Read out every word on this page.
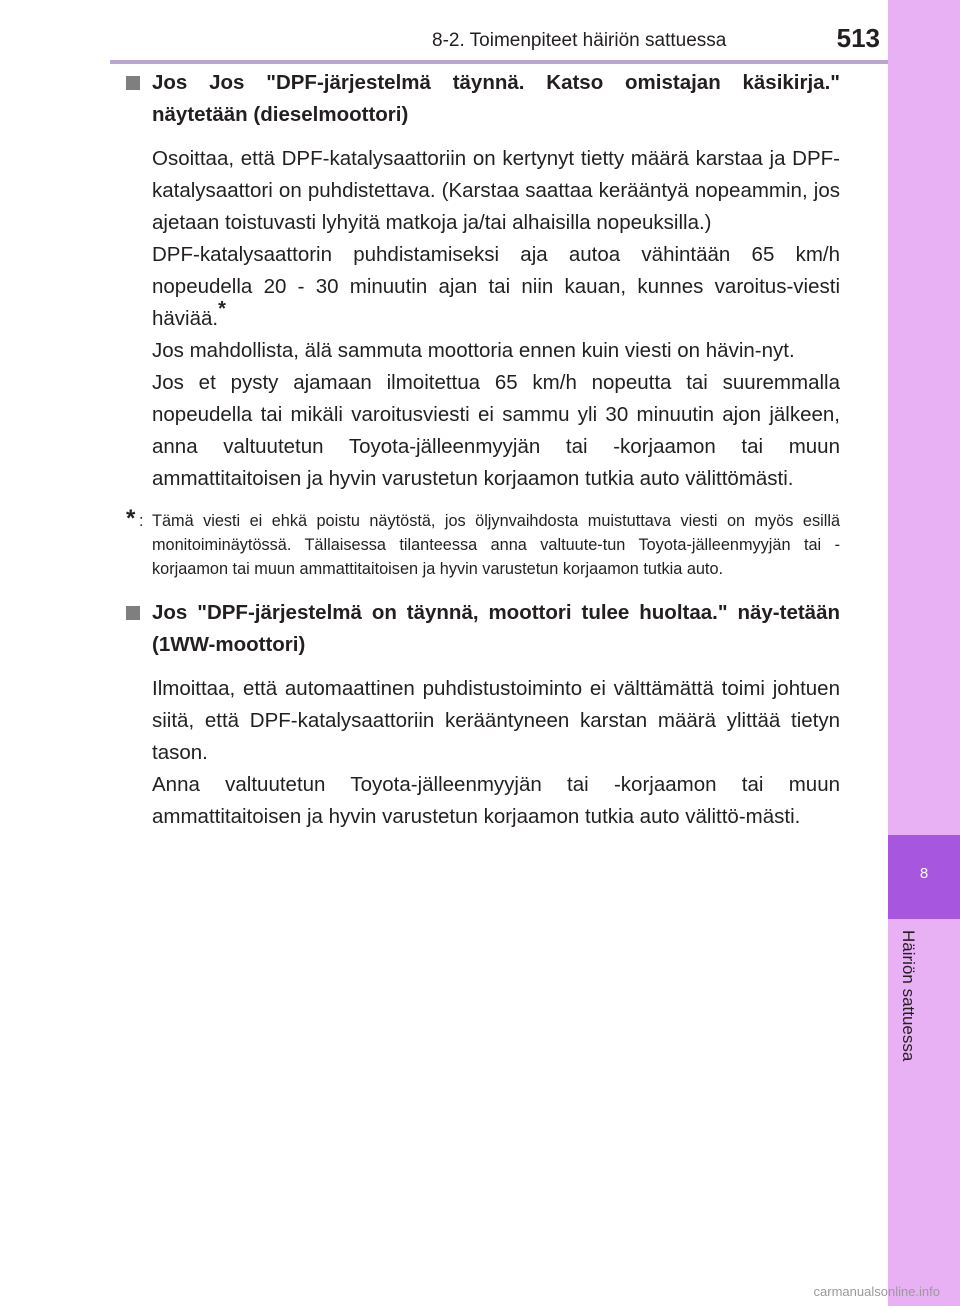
8-2. Toimenpiteet häiriön sattuessa	513
8
Häiriön sattuessa

Jos Jos "DPF-järjestelmä täynnä. Katso omistajan käsikirja." näytetään (dieselmoottori)

Osoittaa, että DPF-katalysaattoriin on kertynyt tietty määrä karstaa ja DPF-katalysaattori on puhdistettava. (Karstaa saattaa kerääntyä nopeammin, jos ajetaan toistuvasti lyhyitä matkoja ja/tai alhaisilla nopeuksilla.)

DPF-katalysaattorin puhdistamiseksi aja autoa vähintään 65 km/h nopeudella 20 - 30 minuutin ajan tai niin kauan, kunnes varoitus-viesti häviää.*

Jos mahdollista, älä sammuta moottoria ennen kuin viesti on hävin-nyt.

Jos et pysty ajamaan ilmoitettua 65 km/h nopeutta tai suuremmalla nopeudella tai mikäli varoitusviesti ei sammu yli 30 minuutin ajon jälkeen, anna valtuutetun Toyota-jälleenmyyjän tai -korjaamon tai muun ammattitaitoisen ja hyvin varustetun korjaamon tutkia auto välittömästi.

* : Tämä viesti ei ehkä poistu näytöstä, jos öljynvaihdosta muistuttava viesti on myös esillä monitoiminäytössä. Tällaisessa tilanteessa anna valtuute-tun Toyota-jälleenmyyjän tai -korjaamon tai muun ammattitaitoisen ja hyvin varustetun korjaamon tutkia auto.

Jos "DPF-järjestelmä on täynnä, moottori tulee huoltaa." näy-tetään (1WW-moottori)

Ilmoittaa, että automaattinen puhdistustoiminto ei välttämättä toimi johtuen siitä, että DPF-katalysaattoriin kerääntyneen karstan määrä ylittää tietyn tason.

Anna valtuutetun Toyota-jälleenmyyjän tai -korjaamon tai muun ammattitaitoisen ja hyvin varustetun korjaamon tutkia auto välittö-mästi.

carmanualsonline.info
